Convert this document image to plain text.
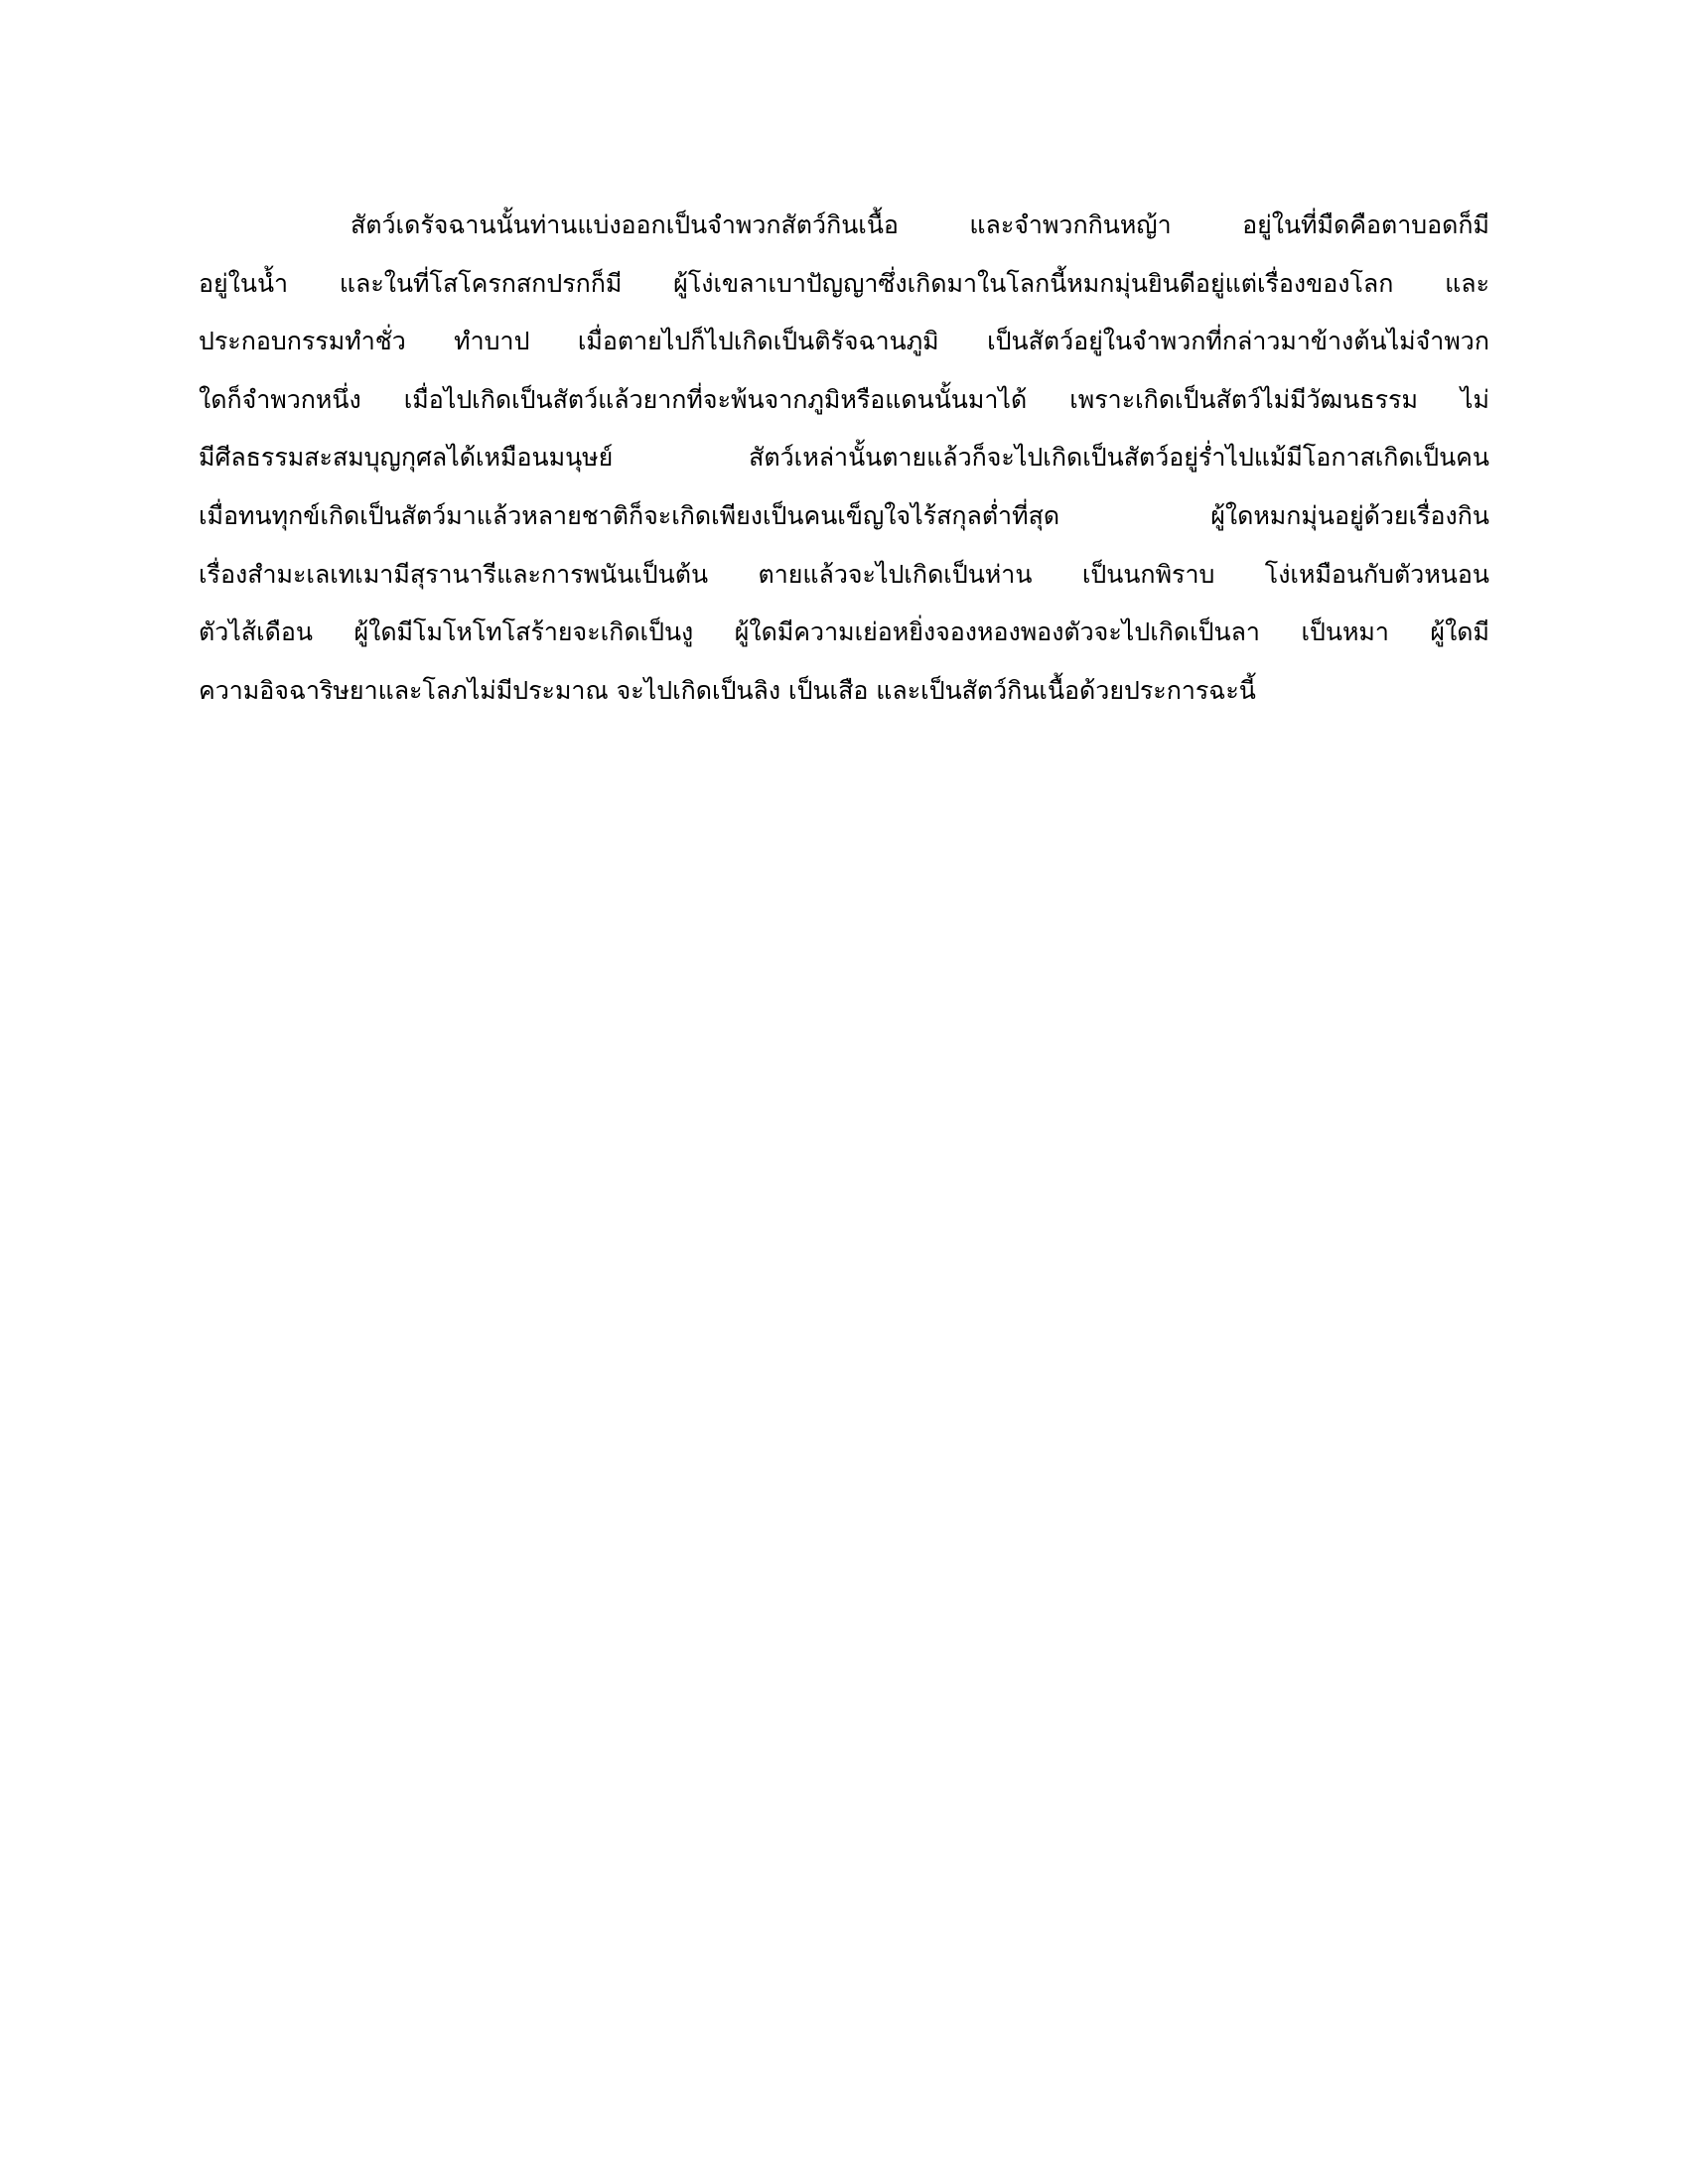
สัตว์เดรัจฉานนั้นท่านแบ่งออกเป็นจำพวกสัตว์กินเนื้อ และจำพวกกินหญ้า อยู่ในที่มืดคือตาบอดก็มี
อยู่ในน้ำ และในที่โสโครกสกปรกก็มี ผู้โง่เขลาเบาปัญญาซึ่งเกิดมาในโลกนี้หมกมุ่นยินดีอยู่แต่เรื่องของโลก และ
ประกอบกรรมทำชั่ว ทำบาป เมื่อตายไปก็ไปเกิดเป็นติรัจฉานภูมิ เป็นสัตว์อยู่ในจำพวกที่กล่าวมาข้างต้นไม่จำพวก
ใดก็จำพวกหนึ่ง เมื่อไปเกิดเป็นสัตว์แล้วยากที่จะพ้นจากภูมิหรือแดนนั้นมาได้ เพราะเกิดเป็นสัตว์ไม่มีวัฒนธรรม ไม่
มีศีลธรรมสะสมบุญกุศลได้เหมือนมนุษย์ สัตว์เหล่านั้นตายแล้วก็จะไปเกิดเป็นสัตว์อยู่ร่ำไปแม้มีโอกาสเกิดเป็นคน
เมื่อทนทุกข์เกิดเป็นสัตว์มาแล้วหลายชาติก็จะเกิดเพียงเป็นคนเข็ญใจไร้สกุลต่ำที่สุด ผู้ใดหมกมุ่นอยู่ด้วยเรื่องกิน
เรื่องสำมะเลเทเมามีสุรานารีและการพนันเป็นต้น ตายแล้วจะไปเกิดเป็นห่าน เป็นนกพิราบ โง่เหมือนกับตัวหนอน
ตัวไส้เดือน ผู้ใดมีโมโหโทโสร้ายจะเกิดเป็นงู ผู้ใดมีความเย่อหยิ่งจองหองพองตัวจะไปเกิดเป็นลา เป็นหมา ผู้ใดมี
ความอิจฉาริษยาและโลภไม่มีประมาณ จะไปเกิดเป็นลิง เป็นเสือ และเป็นสัตว์กินเนื้อด้วยประการฉะนี้
